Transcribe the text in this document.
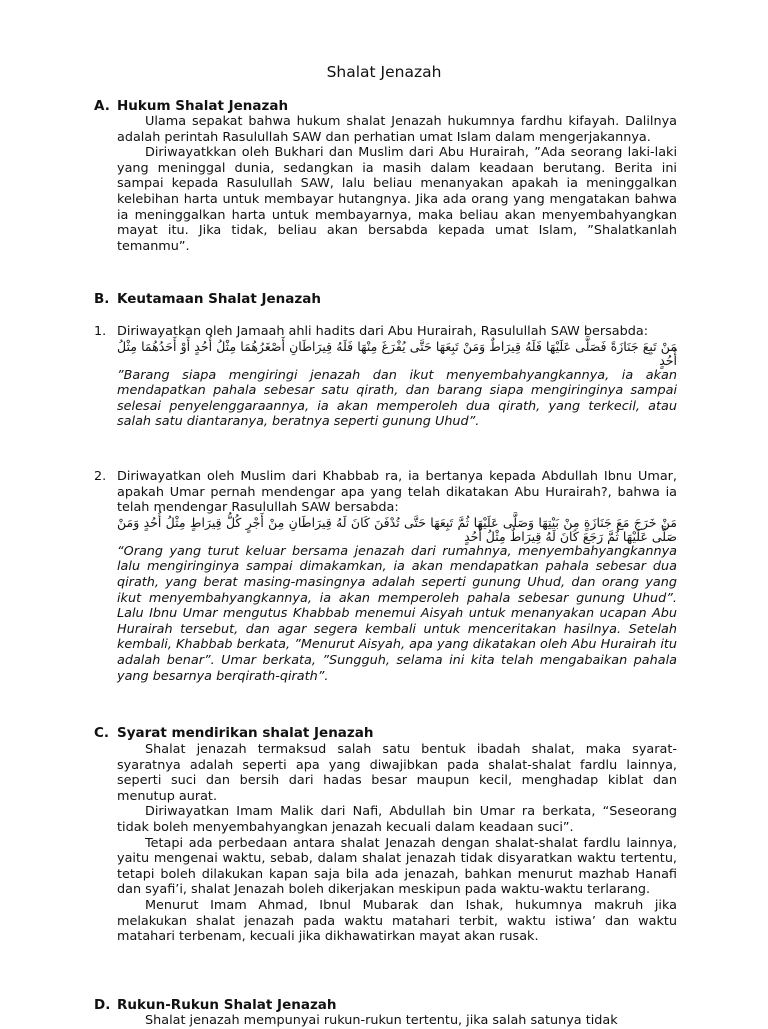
Shalat Jenazah
A. Hukum Shalat Jenazah

Ulama sepakat bahwa hukum shalat Jenazah hukumnya fardhu kifayah. Dalilnya adalah perintah Rasulullah SAW dan perhatian umat Islam dalam mengerjakannya.

Diriwayatkkan oleh Bukhari dan Muslim dari Abu Hurairah, ”Ada seorang laki-laki yang meninggal dunia, sedangkan ia masih dalam keadaan berutang. Berita ini sampai kepada Rasulullah SAW, lalu beliau menanyakan apakah ia meninggalkan kelebihan harta untuk membayar hutangnya. Jika ada orang yang mengatakan bahwa ia meninggalkan harta untuk membayarnya, maka beliau akan menyembahyangkan mayat itu. Jika tidak, beliau akan bersabda kepada umat Islam, ”Shalatkanlah temanmu”.

B. Keutamaan Shalat Jenazah
1. Diriwayatkan oleh Jamaah ahli hadits dari Abu Hurairah, Rasulullah SAW bersabda:

مَنْ تَبِعَ جَنَازَةً فَصَلَّى عَلَيْهَا فَلَهُ قِيرَاطٌ وَمَنْ تَبِعَهَا حَتَّى يُفْرَغَ مِنْهَا فَلَهُ قِيرَاطَانِ أَصْغَرُهُمَا مِثْلُ أُحُدٍ أَوْ أَحَدُهُمَا مِثْلُ أُحُدٍ

”Barang siapa mengiringi jenazah dan ikut menyembahyangkannya, ia akan mendapatkan pahala sebesar satu qirath, dan barang siapa mengiringinya sampai selesai penyelenggaraannya, ia akan memperoleh dua qirath, yang terkecil, atau salah satu diantaranya, beratnya seperti gunung Uhud”.

2. Diriwayatkan oleh Muslim dari Khabbab ra, ia bertanya kepada Abdullah Ibnu Umar, apakah Umar pernah mendengar apa yang telah dikatakan Abu Hurairah?, bahwa ia telah mendengar Rasulullah SAW bersabda:

مَنْ خَرَجَ مَعَ جَنَازَةٍ مِنْ بَيْتِهَا وَصَلَّى عَلَيْهَا ثُمَّ تَبِعَهَا حَتَّى تُدْفَنَ كَانَ لَهُ قِيرَاطَانِ مِنْ أَجْرٍ كُلُّ قِيرَاطٍ مِثْلُ أُحُدٍ وَمَنْ صَلَّى عَلَيْهَا ثُمَّ رَجَعَ كَانَ لَهُ قِيرَاطٌ مِثْلُ أُحُدٍ

“Orang yang turut keluar bersama jenazah dari rumahnya, menyembahyangkannya lalu mengiringinya sampai dimakamkan, ia akan mendapatkan pahala sebesar dua qirath, yang berat masing-masingnya adalah seperti gunung Uhud, dan orang yang ikut menyembahyangkannya, ia akan memperoleh pahala sebesar gunung Uhud”. Lalu Ibnu Umar mengutus Khabbab menemui Aisyah untuk menanyakan ucapan Abu Hurairah tersebut, dan agar segera kembali untuk menceritakan hasilnya. Setelah kembali, Khabbab berkata, ”Menurut Aisyah, apa yang dikatakan oleh Abu Hurairah itu adalah benar”. Umar berkata, ”Sungguh, selama ini kita telah mengabaikan pahala yang besarnya berqirath-qirath”.

C. Syarat mendirikan shalat Jenazah

Shalat jenazah termaksud salah satu bentuk ibadah shalat, maka syarat-syaratnya adalah seperti apa yang diwajibkan pada shalat-shalat fardlu lainnya, seperti suci dan bersih dari hadas besar maupun kecil, menghadap kiblat dan menutup aurat.

Diriwayatkan Imam Malik dari Nafi, Abdullah bin Umar ra berkata, “Seseorang tidak boleh menyembahyangkan jenazah kecuali dalam keadaan suci”.

Tetapi ada perbedaan antara shalat Jenazah dengan shalat-shalat fardlu lainnya, yaitu mengenai waktu, sebab, dalam shalat jenazah tidak disyaratkan waktu tertentu, tetapi boleh dilakukan kapan saja bila ada jenazah, bahkan menurut mazhab Hanafi dan syafi’i, shalat Jenazah boleh dikerjakan meskipun pada waktu-waktu terlarang.

Menurut Imam Ahmad, Ibnul Mubarak dan Ishak, hukumnya makruh jika melakukan shalat jenazah pada waktu matahari terbit, waktu istiwa’ dan waktu matahari terbenam, kecuali jika dikhawatirkan mayat akan rusak.

D. Rukun-Rukun Shalat Jenazah

Shalat jenazah mempunyai rukun-rukun tertentu, jika salah satunya tidak
